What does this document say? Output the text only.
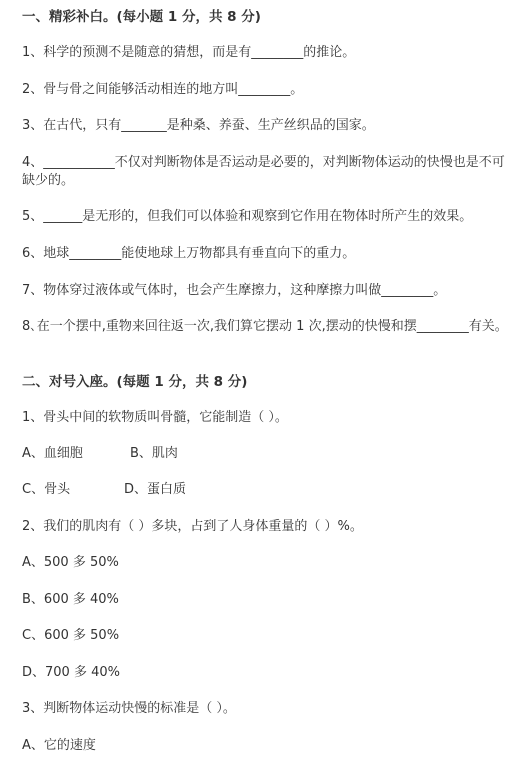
一、精彩补白。(每小题 1 分，共 8 分)
1、科学的预测不是随意的猜想，而是有________的推论。
2、骨与骨之间能够活动相连的地方叫________。
3、在古代，只有_______是种桑、养蚕、生产丝织品的国家。
4、___________不仅对判断物体是否运动是必要的，对判断物体运动的快慢也是不可缺少的。
5、______是无形的，但我们可以体验和观察到它作用在物体时所产生的效果。
6、地球________能使地球上万物都具有垂直向下的重力。
7、物体穿过液体或气体时，也会产生摩擦力，这种摩擦力叫做________。
8､在一个摆中,重物来回往返一次,我们算它摆动 1 次,摆动的快慢和摆________有关。
二、对号入座。(每题 1 分，共 8 分)
1、骨头中间的软物质叫骨髓，它能制造（ ）。
A、血细胞	B、肌肉
C、骨头	D、蛋白质
2、我们的肌肉有（ ）多块，占到了人身体重量的（ ）%。
A、500 多 50%
B、600 多 40%
C、600 多 50%
D、700 多 40%
3、判断物体运动快慢的标准是（ ）。
A、它的速度
